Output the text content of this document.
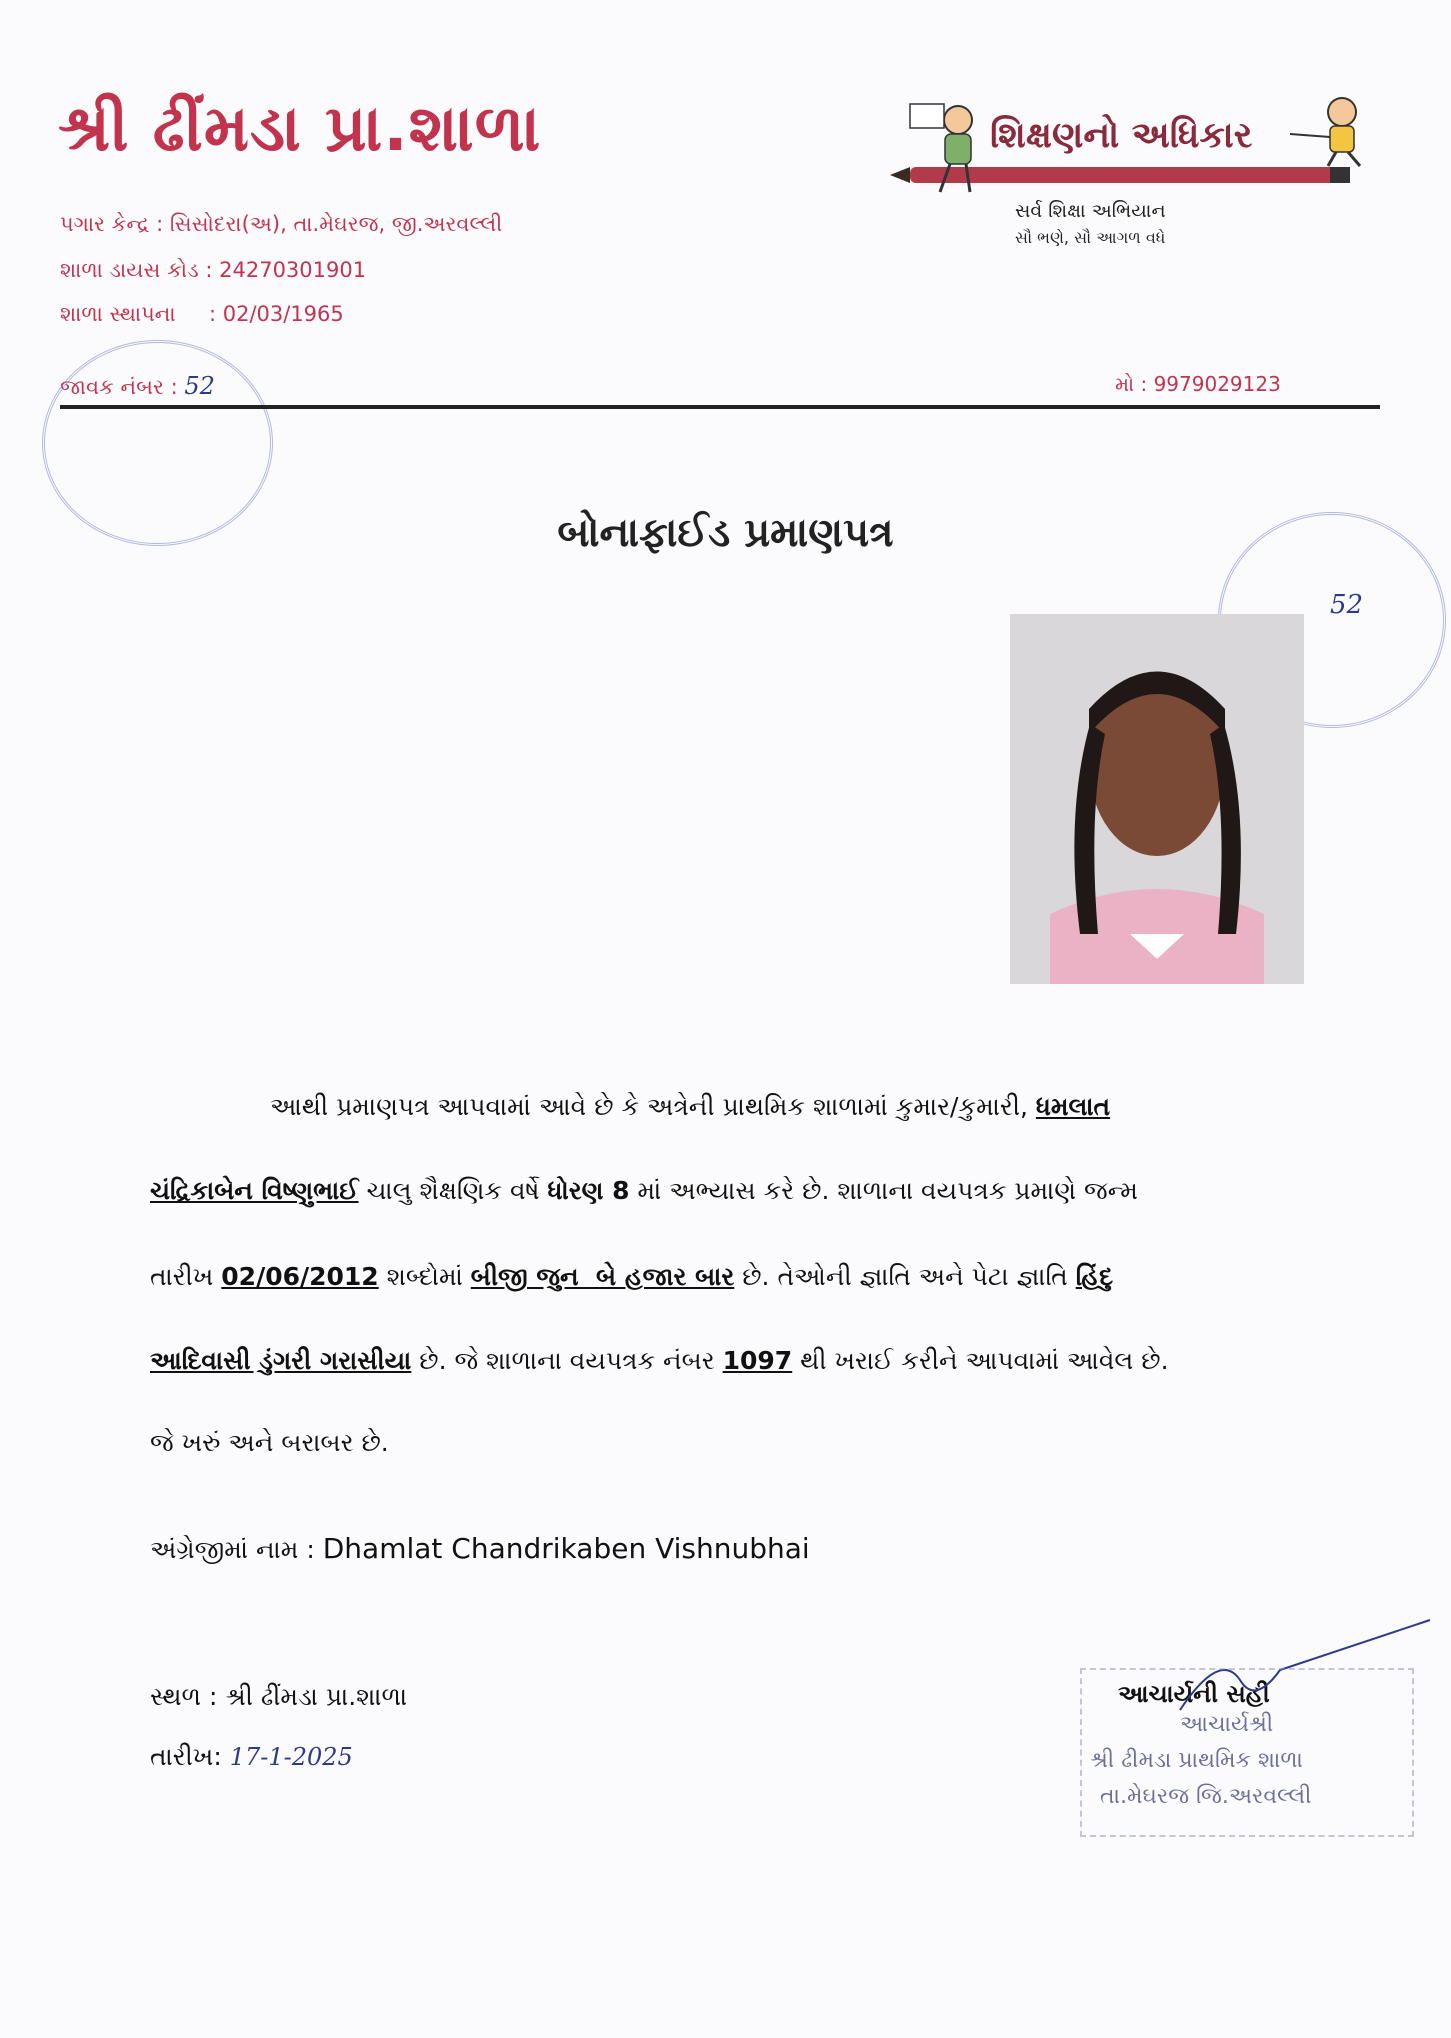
શ્રી ઢીંમડા પ્રા.શાળા
પગાર કેન્દ્ર : સિસોદરા(અ), તા.મેઘરજ, જી.અરવલ્લી
શાળા ડાયસ કોડ : 24270301901
શાળા સ્થાપના     : 02/03/1965
જાવક નંબર : 52	મો : 9979029123
શિક્ષણનો અધિકાર
સર્વ શિક્ષા અભિયાન
સૌ ભણે, સૌ આગળ વધે
બોનાફાઈડ પ્રમાણપત્ર
52
આથી પ્રમાણપત્ર આપવામાં આવે છે કે અત્રેની પ્રાથમિક શાળામાં કુમાર/કુમારી, ધમલાત
ચંદ્રિકાબેન વિષ્ણુભાઈ ચાલુ શૈક્ષણિક વર્ષે ધોરણ 8 માં અભ્યાસ કરે છે. શાળાના વયપત્રક પ્રમાણે જન્મ
તારીખ 02/06/2012 શબ્દોમાં બીજી જુન  બે હજાર બાર છે. તેઓની જ્ઞાતિ અને પેટા જ્ઞાતિ હિંદુ
આદિવાસી ડુંગરી ગરાસીયા છે. જે શાળાના વયપત્રક નંબર 1097 થી ખરાઈ કરીને આપવામાં આવેલ છે.
જે ખરું અને બરાબર છે.
અંગ્રેજીમાં નામ : Dhamlat Chandrikaben Vishnubhai
સ્થળ : શ્રી ઢીંમડા પ્રા.શાળા
તારીખ: 17-1-2025
આચાર્યની સહી
આચાર્યશ્રી
શ્રી ઢીમડા પ્રાથમિક શાળા
તા.મેઘરજ જિ.અરવલ્લી
